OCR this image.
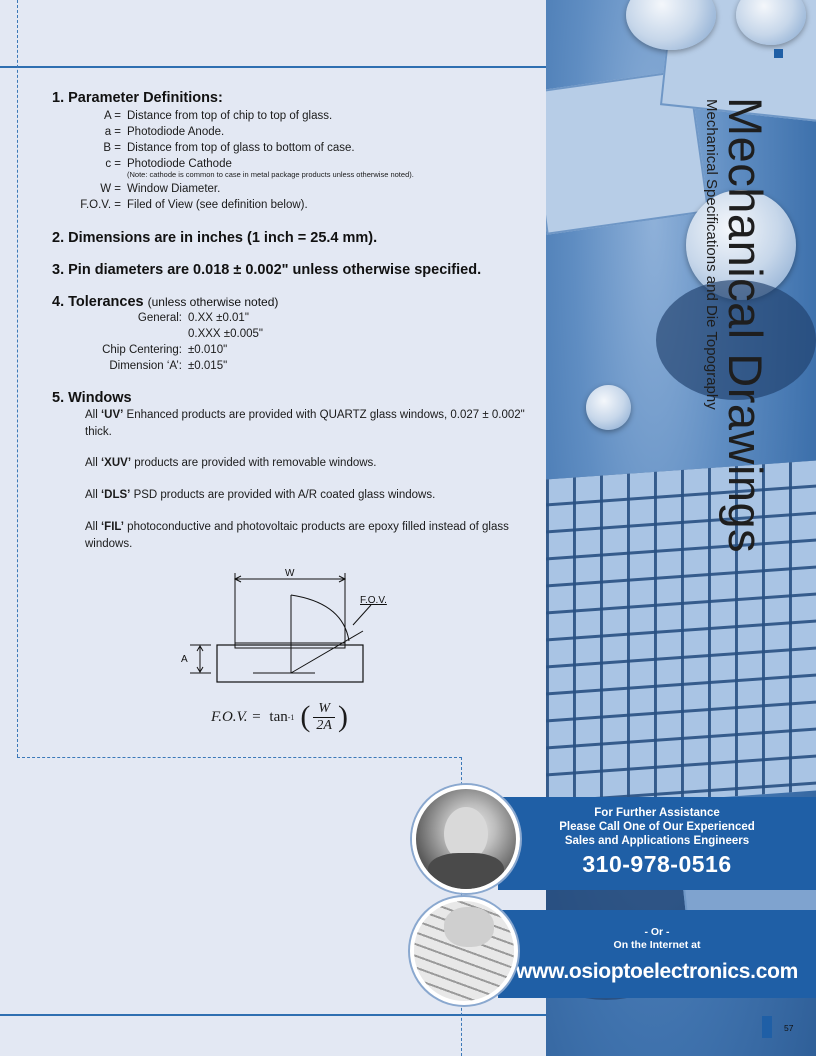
Mechanical Drawings
Mechanical Specifications and Die Topography
1. Parameter Definitions:
A = Distance from top of chip to top of glass.
a = Photodiode Anode.
B = Distance from top of glass to bottom of case.
c = Photodiode Cathode
(Note: cathode is common to case in metal package products unless otherwise noted).
W = Window Diameter.
F.O.V. = Filed of View (see definition below).
2. Dimensions are in inches (1 inch = 25.4 mm).
3. Pin diameters are 0.018 ± 0.002" unless otherwise specified.
4. Tolerances (unless otherwise noted)
General: 0.XX ±0.01"
0.XXX ±0.005"
Chip Centering: ±0.010"
Dimension ‘A’: ±0.015"
5. Windows
All ‘UV’ Enhanced products are provided with QUARTZ glass windows, 0.027 ± 0.002" thick.
All ‘XUV’ products are provided with removable windows.
All ‘DLS’ PSD products are provided with A/R coated glass windows.
All ‘FIL’ photoconductive and photovoltaic products are epoxy filled instead of glass windows.
W
F.O.V.
A
F.O.V. = tan -1 ( W
2A )
For Further Assistance
Please Call One of Our Experienced
Sales and Applications Engineers
310-978-0516
- Or -
On the Internet at
www.osioptoelectronics.com
57
